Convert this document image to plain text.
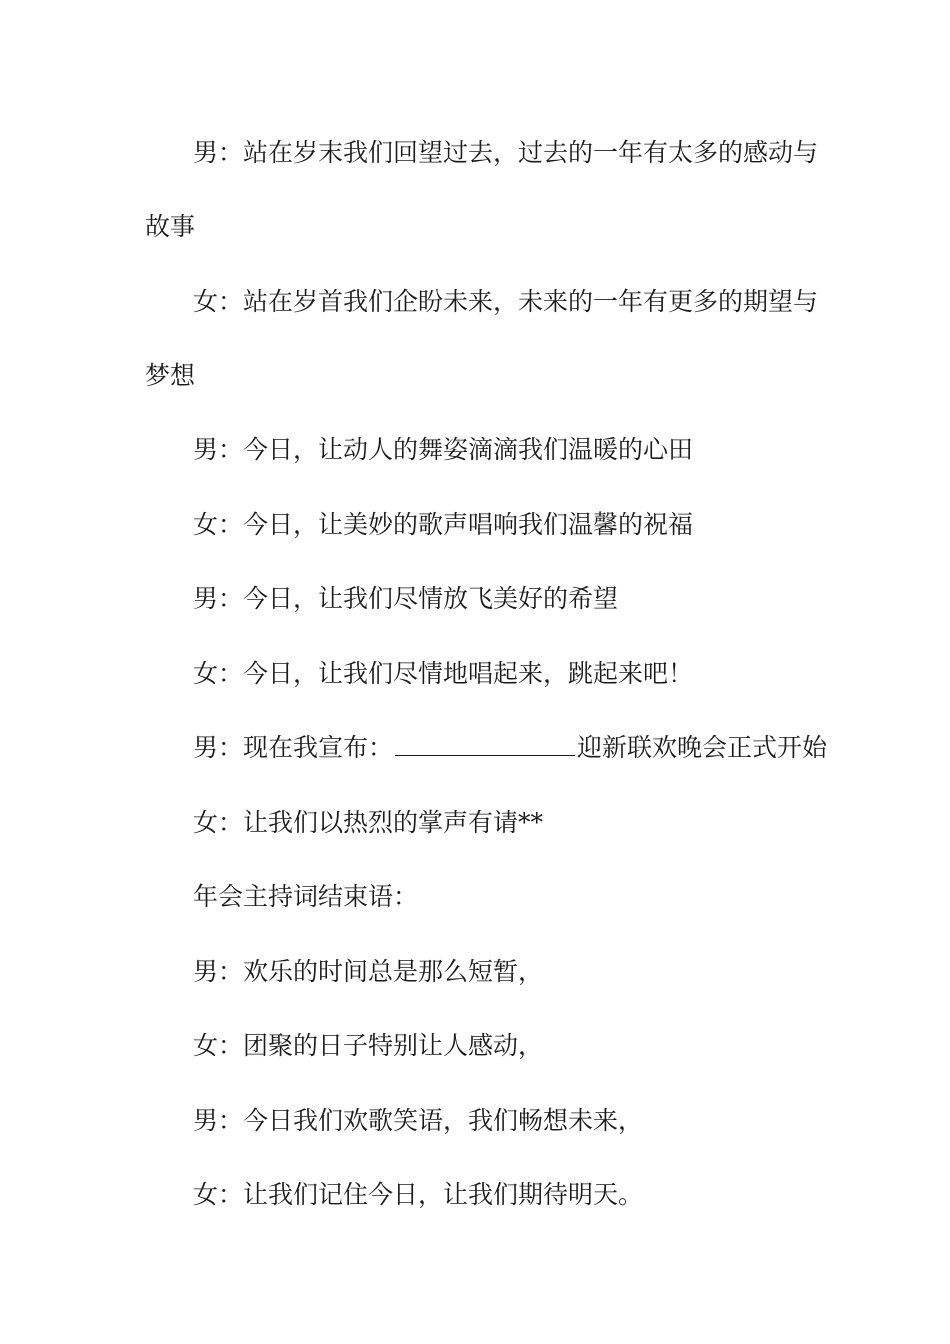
男：站在岁末我们回望过去，过去的一年有太多的感动与

故事

女：站在岁首我们企盼未来，未来的一年有更多的期望与

梦想

男：今日，让动人的舞姿滴滴我们温暖的心田

女：今日，让美妙的歌声唱响我们温馨的祝福

男：今日，让我们尽情放飞美好的希望

女：今日，让我们尽情地唱起来，跳起来吧！

男：现在我宣布：	迎新联欢晚会正式开始

女：让我们以热烈的掌声有请**

年会主持词结束语：

男：欢乐的时间总是那么短暂，

女：团聚的日子特别让人感动，

男：今日我们欢歌笑语，我们畅想未来，

女：让我们记住今日，让我们期待明天。
